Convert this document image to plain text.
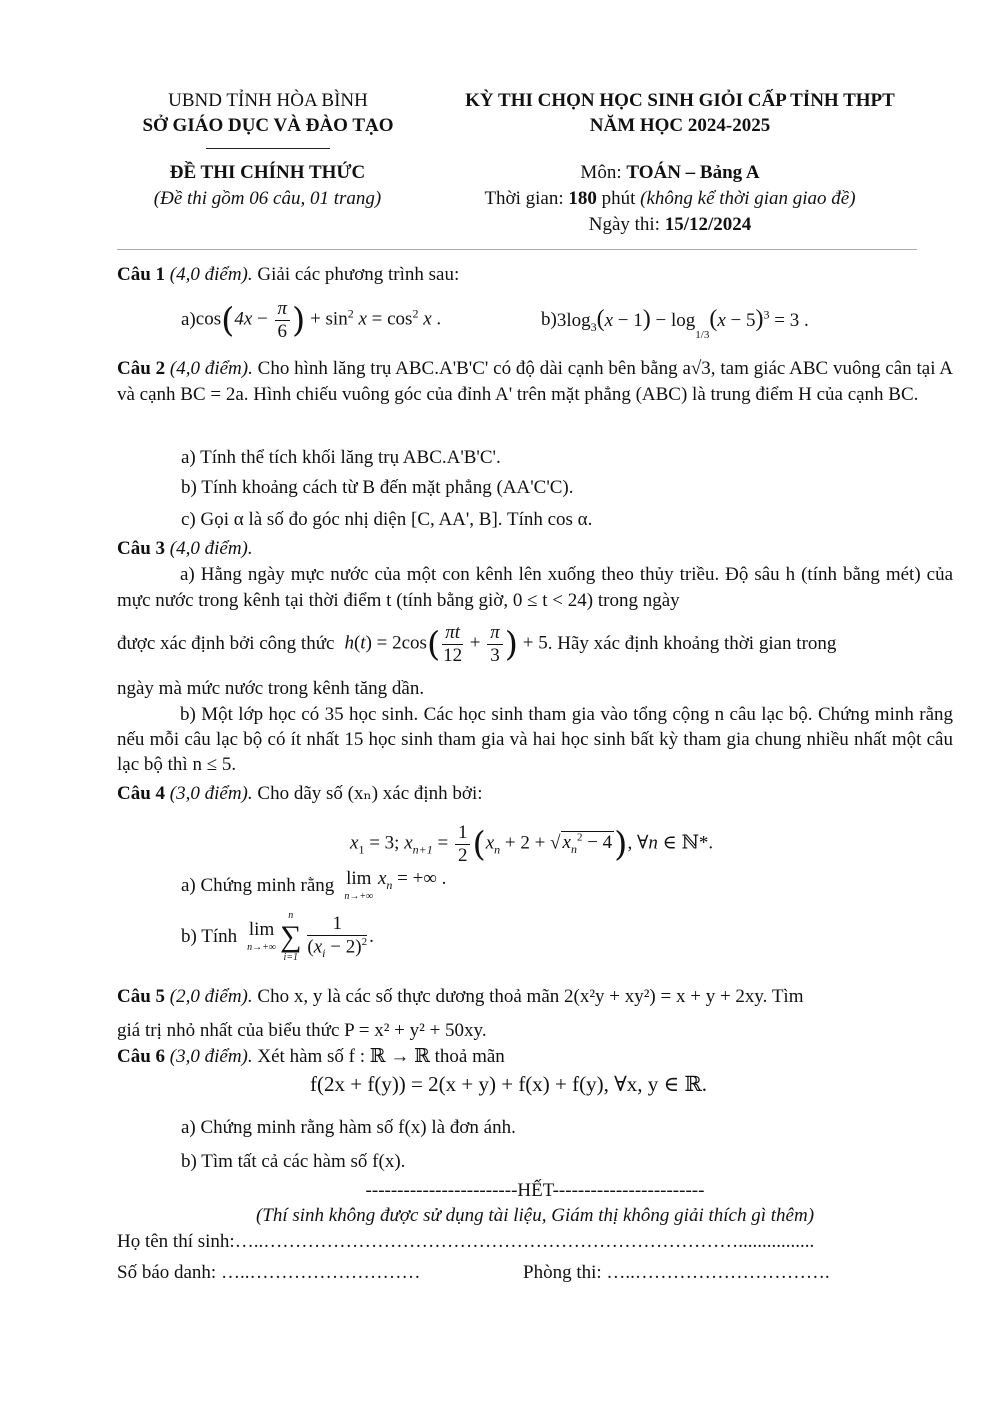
UBND TỈNH HÒA BÌNH
SỞ GIÁO DỤC VÀ ĐÀO TẠO
ĐỀ THI CHÍNH THỨC
(Đề thi gồm 06 câu, 01 trang)
KỲ THI CHỌN HỌC SINH GIỎI CẤP TỈNH THPT
NĂM HỌC 2024-2025
Môn: TOÁN – Bảng A
Thời gian: 180 phút (không kể thời gian giao đề)
Ngày thi: 15/12/2024
Câu 1 (4,0 điểm). Giải các phương trình sau:
a) $\cos(4x - \frac{\pi}{6}$ ) + $\sin^2 x = \cos^2 x$ .	b) $3\log_3(x - 1) - \log_{1/3}(x - 5)^3 = 3$ .
Câu 2 (4,0 điểm). Cho hình lăng trụ ABC.A'B'C' có độ dài cạnh bên bằng a√3, tam giác ABC vuông cân tại A và cạnh BC = 2a. Hình chiếu vuông góc của đỉnh A' trên mặt phẳng (ABC) là trung điểm H của cạnh BC.
a) Tính thể tích khối lăng trụ ABC.A'B'C'.
b) Tính khoảng cách từ B đến mặt phẳng (AA'C'C).
c) Gọi α là số đo góc nhị diện [C, AA', B]. Tính cos α.
Câu 3 (4,0 điểm).
a) Hằng ngày mực nước của một con kênh lên xuống theo thủy triều. Độ sâu h (tính bằng mét) của mực nước trong kênh tại thời điểm t (tính bằng giờ, 0 ≤ t < 24) trong ngày
được xác định bởi công thức $h(t) = 2\cos( \frac{\pi t}{12} + \frac{\pi}{3}$ ) + 5 . Hãy xác định khoảng thời gian trong
ngày mà mức nước trong kênh tăng dần.
b) Một lớp học có 35 học sinh. Các học sinh tham gia vào tổng cộng n câu lạc bộ. Chứng minh rằng nếu mỗi câu lạc bộ có ít nhất 15 học sinh tham gia và hai học sinh bất kỳ tham gia chung nhiều nhất một câu lạc bộ thì n ≤ 5.
Câu 4 (3,0 điểm). Cho dãy số (xₙ) xác định bởi:
$x_1 = 3$; $x_{n+1} = \frac{1}{2} (x_n + 2$ + √ $x_n^2 - 4$), ∀n ∈ ℕ*.
a) Chứng minh rằng lim
n→+∞

$x_n$ = +∞ .
b) Tính lim
n→+∞
n
∑
$i=1 \frac{1}{(x_i - 2)^2}$ .
Câu 5 (2,0 điểm). Cho x, y là các số thực dương thoả mãn 2(x²y + xy²) = x + y + 2xy. Tìm
giá trị nhỏ nhất của biểu thức P = x² + y² + 50xy.
Câu 6 (3,0 điểm). Xét hàm số f : ℝ → ℝ thoả mãn
f(2x + f(y)) = 2(x + y) + f(x) + f(y), ∀x, y ∈ ℝ.
a) Chứng minh rằng hàm số f(x) là đơn ánh.
b) Tìm tất cả các hàm số f(x).
------------------------HẾT------------------------
(Thí sinh không được sử dụng tài liệu, Giám thị không giải thích gì thêm)
Họ tên thí sinh:…..…………………………………………………………………................
Số báo danh: …..………………………	Phòng thi: …..………………………….
